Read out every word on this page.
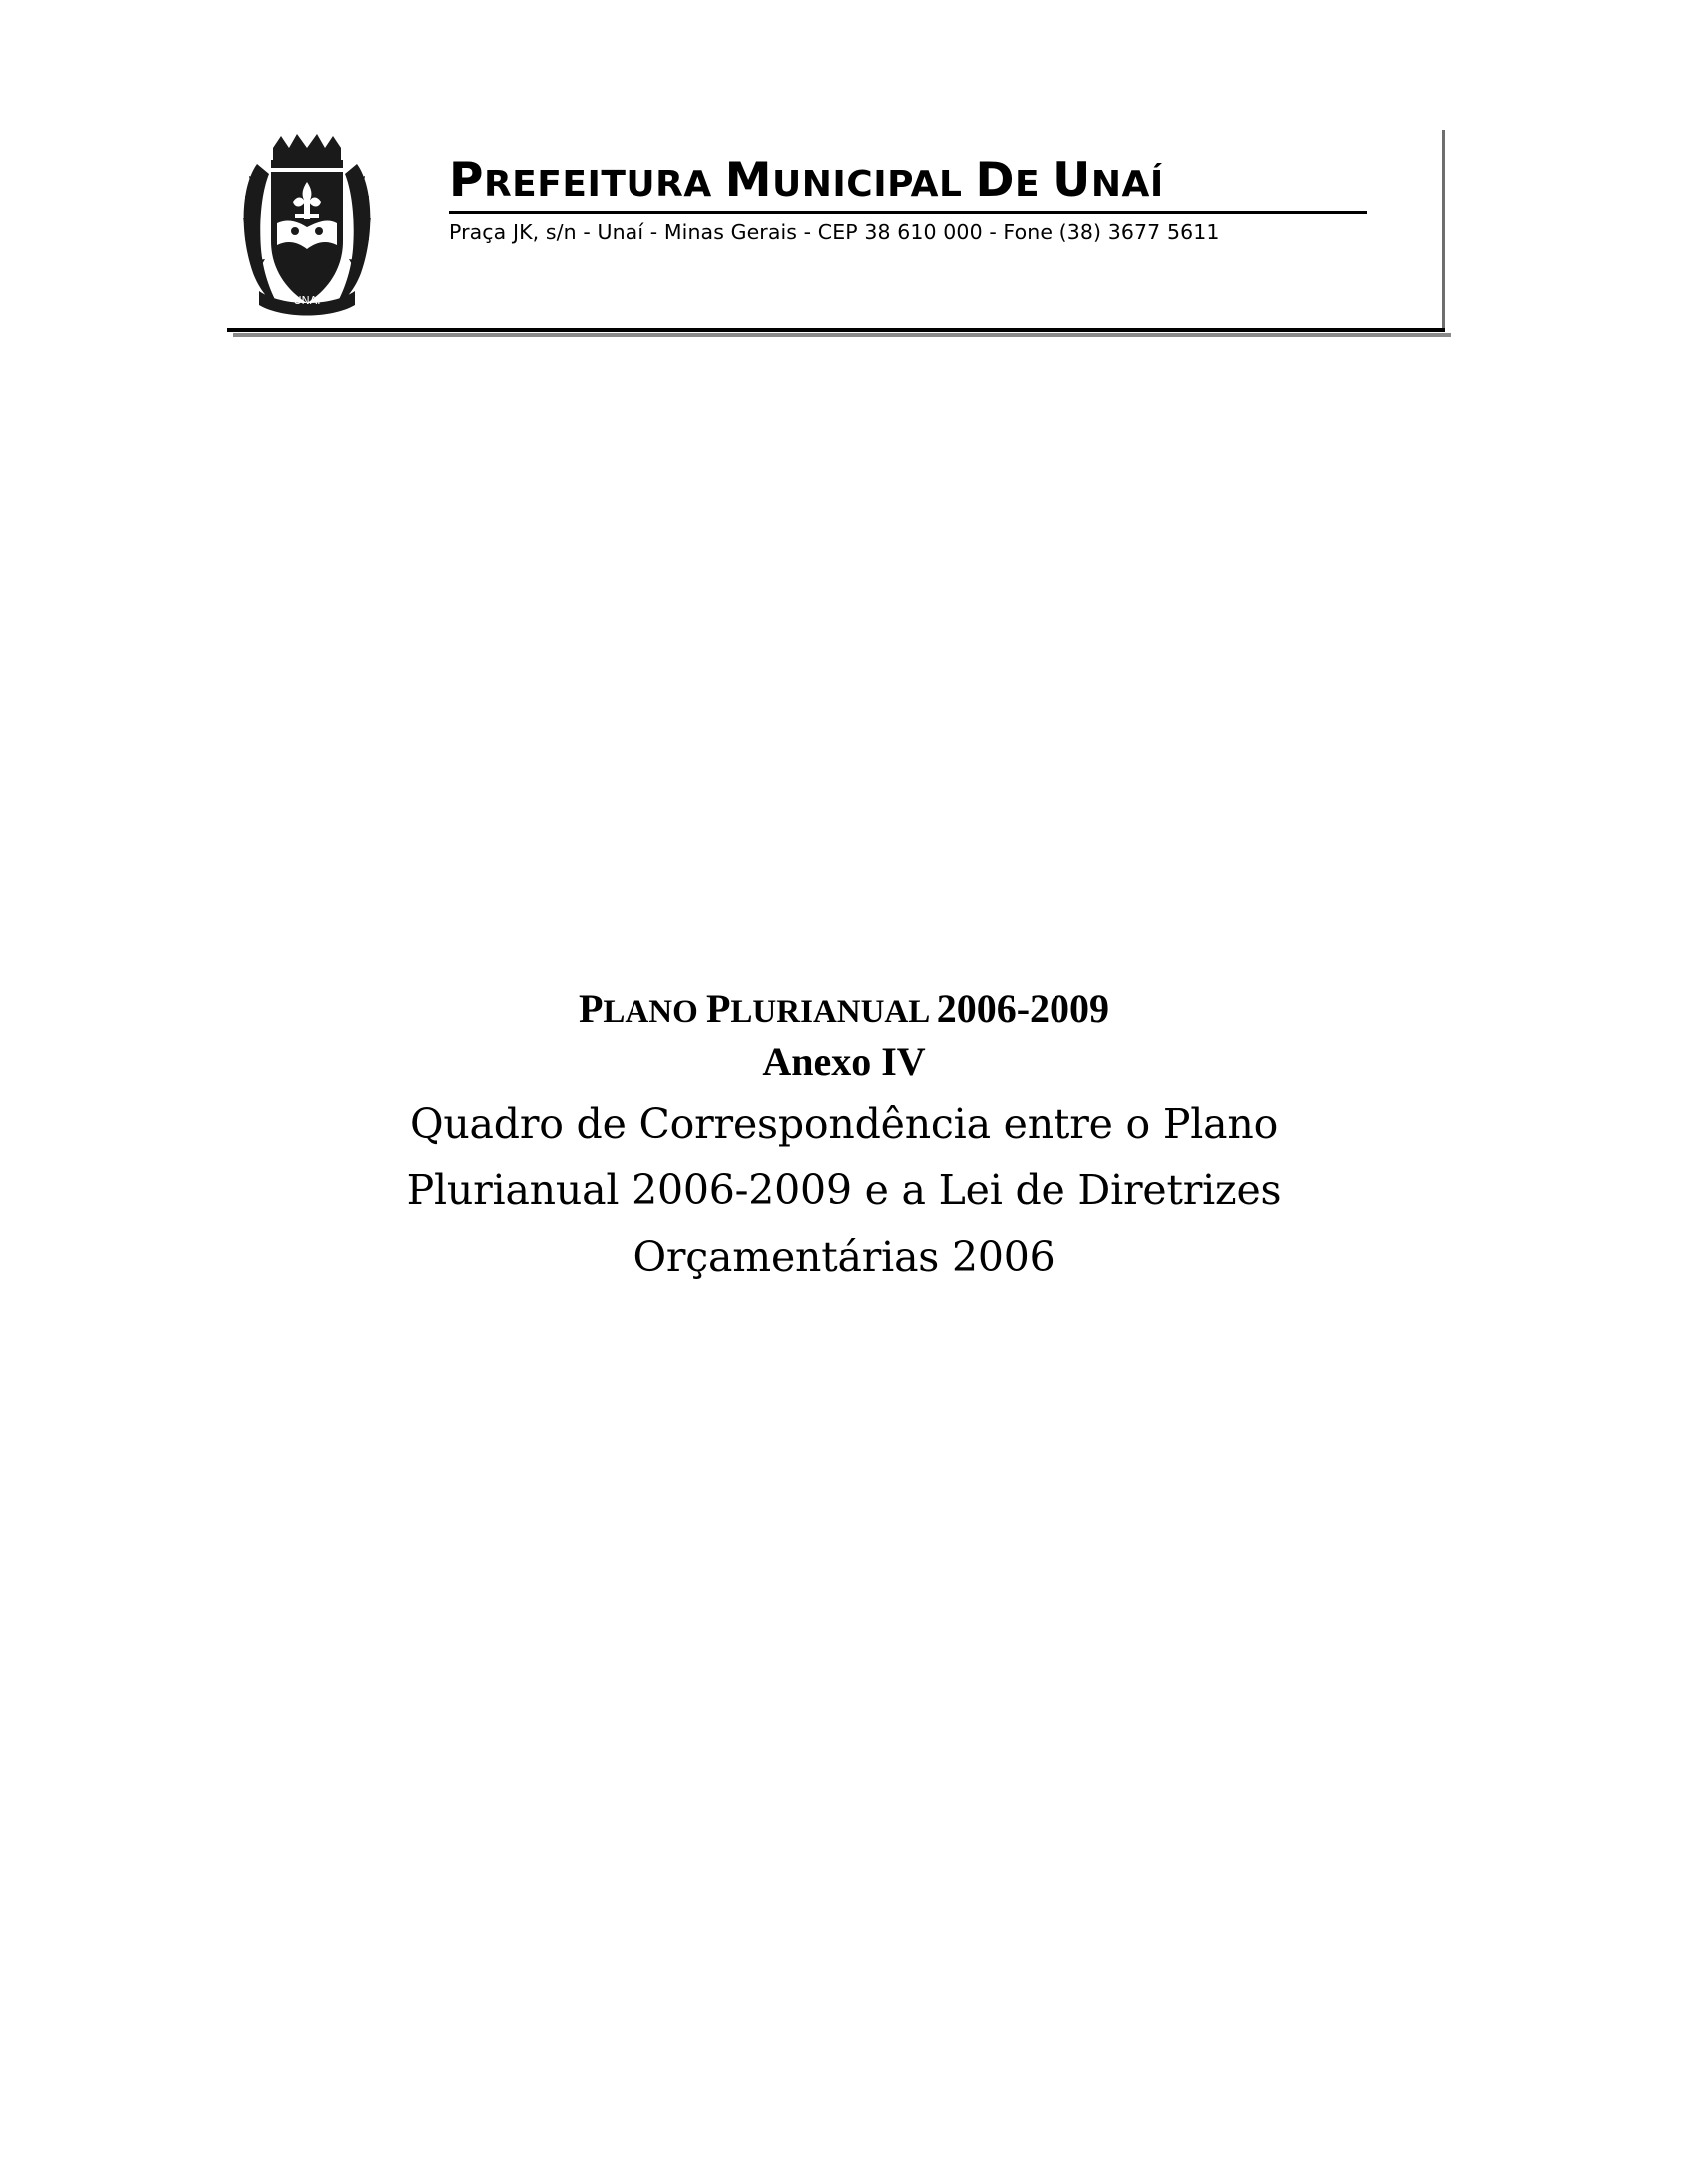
UNAÍ
PREFEITURA MUNICIPAL DE UNAÍ
Praça JK, s/n - Unaí - Minas Gerais - CEP 38 610 000 - Fone (38) 3677 5611
PLANO PLURIANUAL 2006-2009
Anexo IV
Quadro de Correspondência entre o Plano
Plurianual 2006-2009 e a Lei de Diretrizes
Orçamentárias 2006
